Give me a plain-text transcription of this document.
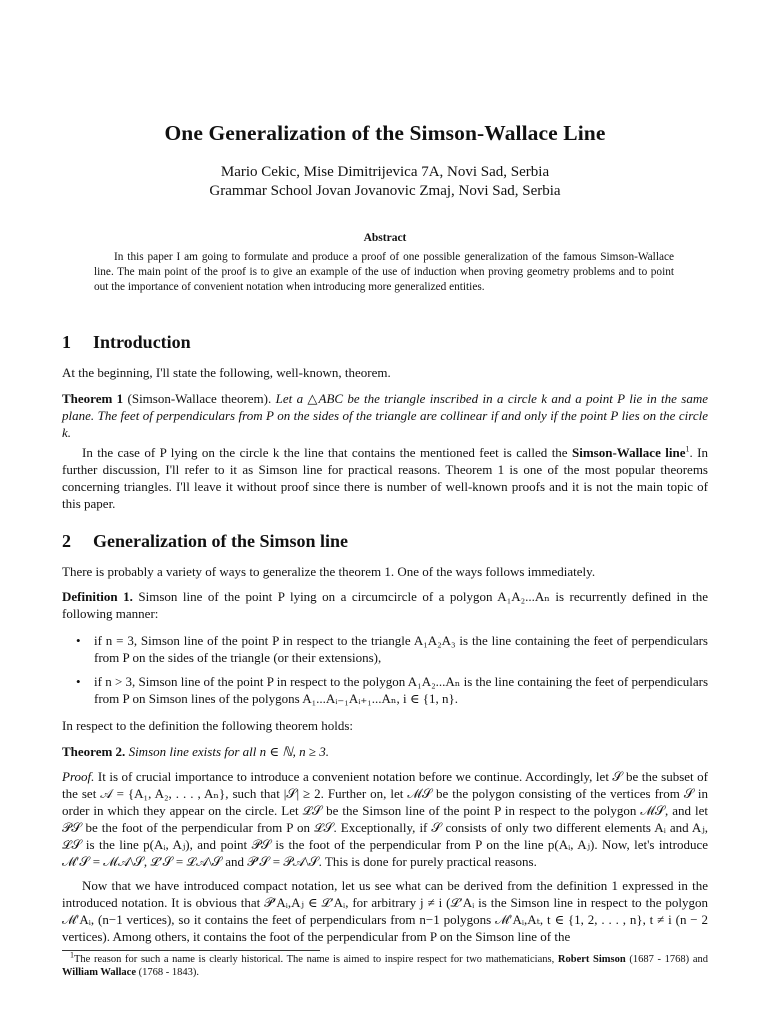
One Generalization of the Simson-Wallace Line
Mario Cekic, Mise Dimitrijevica 7A, Novi Sad, Serbia
Grammar School Jovan Jovanovic Zmaj, Novi Sad, Serbia
Abstract
In this paper I am going to formulate and produce a proof of one possible generalization of the famous Simson-Wallace line. The main point of the proof is to give an example of the use of induction when proving geometry problems and to point out the importance of convenient notation when introducing more generalized entities.
1 Introduction
At the beginning, I'll state the following, well-known, theorem.
Theorem 1 (Simson-Wallace theorem). Let a △ABC be the triangle inscribed in a circle k and a point P lie in the same plane. The feet of perpendiculars from P on the sides of the triangle are collinear if and only if the point P lies on the circle k.
In the case of P lying on the circle k the line that contains the mentioned feet is called the Simson-Wallace line$^1$. In further discussion, I'll refer to it as Simson line for practical reasons. Theorem 1 is one of the most popular theorems concerning triangles. I'll leave it without proof since there is number of well-known proofs and it is not the main topic of this paper.
2 Generalization of the Simson line
There is probably a variety of ways to generalize the theorem 1. One of the ways follows immediately.
Definition 1. Simson line of the point P lying on a circumcircle of a polygon A₁A₂...Aₙ is recurrently defined in the following manner:
• if n = 3, Simson line of the point P in respect to the triangle A₁A₂A₃ is the line containing the feet of perpendiculars from P on the sides of the triangle (or their extensions),
• if n > 3, Simson line of the point P in respect to the polygon A₁A₂...Aₙ is the line containing the feet of perpendiculars from P on Simson lines of the polygons A₁...Aᵢ₋₁Aᵢ₊₁...Aₙ, i ∈ {1, n}.
In respect to the definition the following theorem holds:
Theorem 2. Simson line exists for all n ∈ ℕ, n ≥ 3.
Proof. It is of crucial importance to introduce a convenient notation before we continue. Accordingly, let 𝒮 be the subset of the set 𝒜 = {A₁, A₂, . . . , Aₙ}, such that |𝒮| ≥ 2. Further on, let ℳ𝒮 be the polygon consisting of the vertices from 𝒮 in order in which they appear on the circle. Let ℒ𝒮 be the Simson line of the point P in respect to the polygon ℳ𝒮, and let 𝒫𝒮 be the foot of the perpendicular from P on ℒ𝒮. Exceptionally, if 𝒮 consists of only two different elements Aᵢ and Aⱼ, ℒ𝒮 is the line p(Aᵢ, Aⱼ), and point 𝒫𝒮 is the foot of the perpendicular from P on the line p(Aᵢ, Aⱼ). Now, let's introduce ℳ′𝒮 = ℳ𝒜\𝒮, ℒ′𝒮 = ℒ𝒜\𝒮 and 𝒫′𝒮 = 𝒫𝒜\𝒮. This is done for purely practical reasons.
Now that we have introduced compact notation, let us see what can be derived from the definition 1 expressed in the introduced notation. It is obvious that 𝒫′Aᵢ,Aⱼ ∈ ℒ′Aᵢ, for arbitrary j ≠ i (ℒ′Aᵢ is the Simson line in respect to the polygon ℳ′Aᵢ, (n−1 vertices), so it contains the feet of perpendiculars from n−1 polygons ℳ′Aᵢ,Aₜ, t ∈ {1, 2, . . . , n}, t ≠ i (n − 2 vertices). Among others, it contains the foot of the perpendicular from P on the Simson line of the
$^1$The reason for such a name is clearly historical. The name is aimed to inspire respect for two mathematicians, Robert Simson (1687 - 1768) and William Wallace (1768 - 1843).
